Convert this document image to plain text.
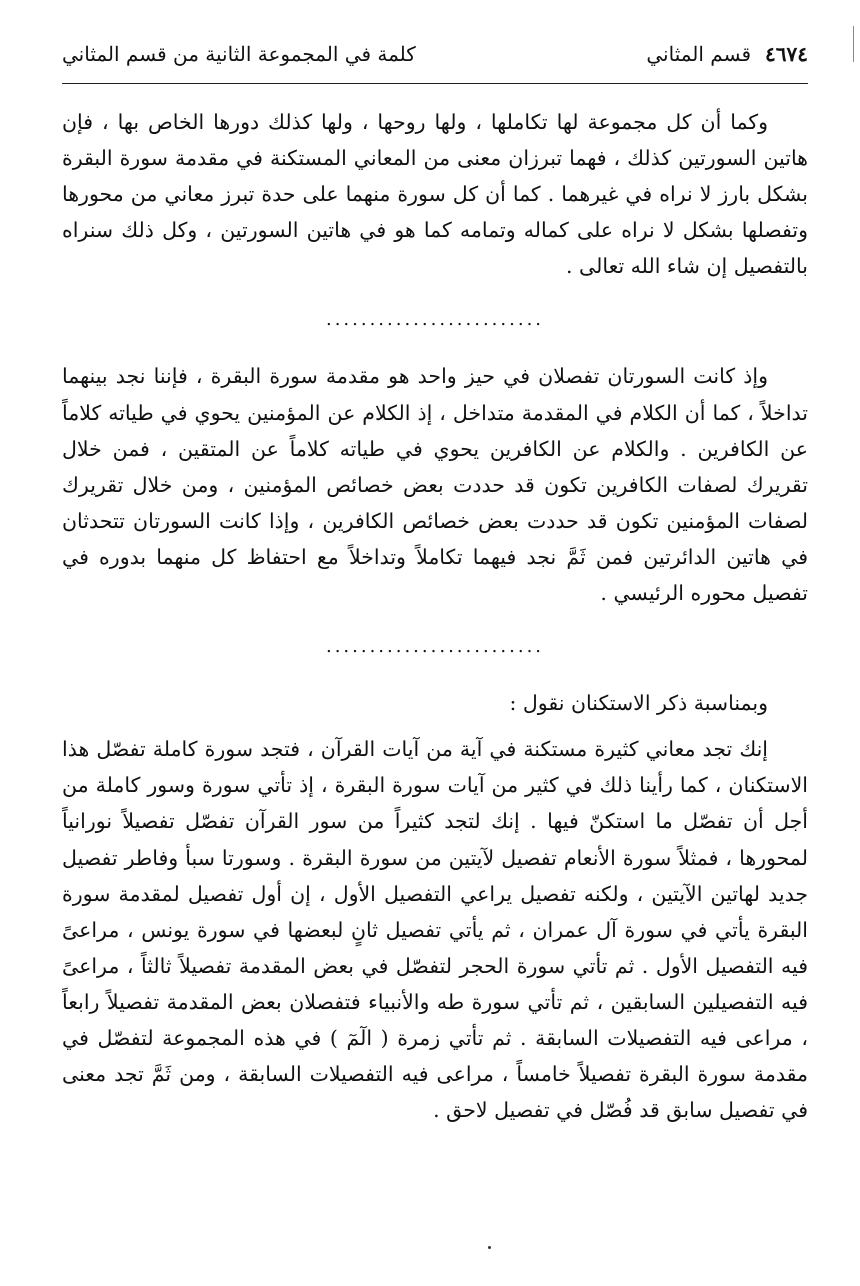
٤٦٧٤قسم المثاني
كلمة في المجموعة الثانية من قسم المثاني

وكما أن كل مجموعة لها تكاملها ، ولها روحها ، ولها كذلك دورها الخاص بها ، فإن هاتين السورتين كذلك ، فهما تبرزان معنى من المعاني المستكنة في مقدمة سورة البقرة بشكل بارز لا نراه في غيرهما . كما أن كل سورة منهما على حدة تبرز معاني من محورها وتفصلها بشكل لا نراه على كماله وتمامه كما هو في هاتين السورتين ، وكل ذلك سنراه بالتفصيل إن شاء الله تعالى .

.........................

وإذ كانت السورتان تفصلان في حيز واحد هو مقدمة سورة البقرة ، فإننا نجد بينهما تداخلاً ، كما أن الكلام في المقدمة متداخل ، إذ الكلام عن المؤمنين يحوي في طياته كلاماً عن الكافرين . والكلام عن الكافرين يحوي في طياته كلاماً عن المتقين ، فمن خلال تقريرك لصفات الكافرين تكون قد حددت بعض خصائص المؤمنين ، ومن خلال تقريرك لصفات المؤمنين تكون قد حددت بعض خصائص الكافرين ، وإذا كانت السورتان تتحدثان في هاتين الدائرتين فمن ثَمَّ نجد فيهما تكاملاً وتداخلاً مع احتفاظ كل منهما بدوره في تفصيل محوره الرئيسي .

.........................

وبمناسبة ذكر الاستكنان نقول :

إنك تجد معاني كثيرة مستكنة في آية من آيات القرآن ، فتجد سورة كاملة تفصّل هذا الاستكنان ، كما رأينا ذلك في كثير من آيات سورة البقرة ، إذ تأتي سورة وسور كاملة من أجل أن تفصّل ما استكنّ فيها . إنك لتجد كثيراً من سور القرآن تفصّل تفصيلاً نورانياً لمحورها ، فمثلاً سورة الأنعام تفصيل لآيتين من سورة البقرة . وسورتا سبأ وفاطر تفصيل جديد لهاتين الآيتين ، ولكنه تفصيل يراعي التفصيل الأول ، إن أول تفصيل لمقدمة سورة البقرة يأتي في سورة آل عمران ، ثم يأتي تفصيل ثانٍ لبعضها في سورة يونس ، مراعىً فيه التفصيل الأول . ثم تأتي سورة الحجر لتفصّل في بعض المقدمة تفصيلاً ثالثاً ، مراعىً فيه التفصيلين السابقين ، ثم تأتي سورة طه والأنبياء فتفصلان بعض المقدمة تفصيلاً رابعاً ، مراعى فيه التفصيلات السابقة . ثم تأتي زمرة ( الٓمٓ ) في هذه المجموعة لتفصّل في مقدمة سورة البقرة تفصيلاً خامساً ، مراعى فيه التفصيلات السابقة ، ومن ثَمَّ تجد معنى في تفصيل سابق قد فُصّل في تفصيل لاحق .
